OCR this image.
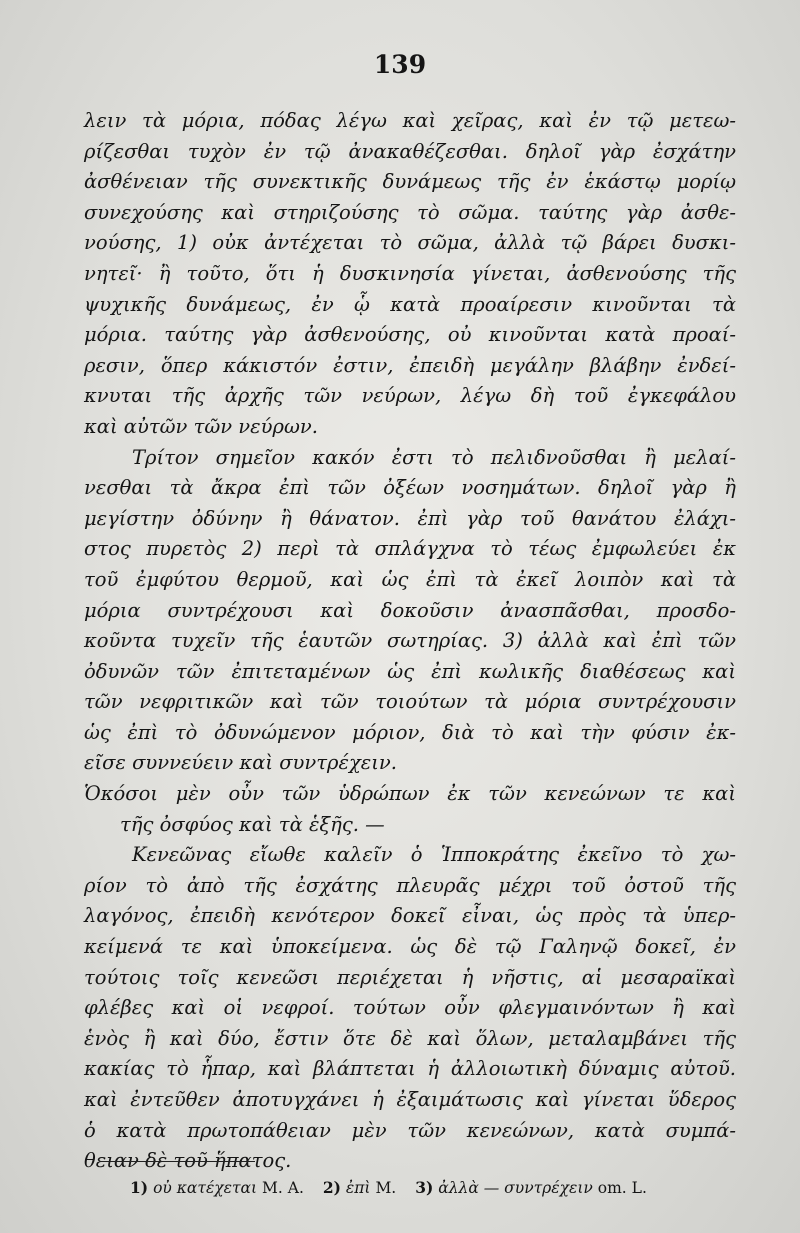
139
λειν τὰ μόρια, πόδας λέγω καὶ χεῖρας, καὶ ἐν τῷ μετεω-
ρίζεσθαι τυχὸν ἐν τῷ ἀνακαθέζεσθαι. δηλοῖ γὰρ ἐσχάτην
ἀσθένειαν τῆς συνεκτικῆς δυνάμεως τῆς ἐν ἑκάστῳ μορίῳ
συνεχούσης καὶ στηριζούσης τὸ σῶμα. ταύτης γὰρ ἀσθε-
νούσης, 1) οὐκ ἀντέχεται τὸ σῶμα, ἀλλὰ τῷ βάρει δυσκι-
νητεῖ· ἢ τοῦτο, ὅτι ἡ δυσκινησία γίνεται, ἀσθενούσης τῆς
ψυχικῆς δυνάμεως, ἐν ᾧ κατὰ προαίρεσιν κινοῦνται τὰ
μόρια. ταύτης γὰρ ἀσθενούσης, οὐ κινοῦνται κατὰ προαί-
ρεσιν, ὅπερ κάκιστόν ἐστιν, ἐπειδὴ μεγάλην βλάβην ἐνδεί-
κνυται τῆς ἀρχῆς τῶν νεύρων, λέγω δὴ τοῦ ἐγκεφάλου
καὶ αὐτῶν τῶν νεύρων.
Τρίτον σημεῖον κακόν ἐστι τὸ πελιδνοῦσθαι ἢ μελαί-
νεσθαι τὰ ἄκρα ἐπὶ τῶν ὀξέων νοσημάτων. δηλοῖ γὰρ ἢ
μεγίστην ὀδύνην ἢ θάνατον. ἐπὶ γὰρ τοῦ θανάτου ἐλάχι-
στος πυρετὸς 2) περὶ τὰ σπλάγχνα τὸ τέως ἐμφωλεύει ἐκ
τοῦ ἐμφύτου θερμοῦ, καὶ ὡς ἐπὶ τὰ ἐκεῖ λοιπὸν καὶ τὰ
μόρια συντρέχουσι καὶ δοκοῦσιν ἀνασπᾶσθαι, προσδο-
κοῦντα τυχεῖν τῆς ἑαυτῶν σωτηρίας. 3) ἀλλὰ καὶ ἐπὶ τῶν
ὀδυνῶν τῶν ἐπιτεταμένων ὡς ἐπὶ κωλικῆς διαθέσεως καὶ
τῶν νεφριτικῶν καὶ τῶν τοιούτων τὰ μόρια συντρέχουσιν
ὡς ἐπὶ τὸ ὀδυνώμενον μόριον, διὰ τὸ καὶ τὴν φύσιν ἐκ-
εῖσε συννεύειν καὶ συντρέχειν.
Ὁκόσοι μὲν οὖν τῶν ὑδρώπων ἐκ τῶν κενεώνων τε καὶ
τῆς ὀσφύος καὶ τὰ ἑξῆς. —
Κενεῶνας εἴωθε καλεῖν ὁ Ἱπποκράτης ἐκεῖνο τὸ χω-
ρίον τὸ ἀπὸ τῆς ἐσχάτης πλευρᾶς μέχρι τοῦ ὀστοῦ τῆς
λαγόνος, ἐπειδὴ κενότερον δοκεῖ εἶναι, ὡς πρὸς τὰ ὑπερ-
κείμενά τε καὶ ὑποκείμενα. ὡς δὲ τῷ Γαληνῷ δοκεῖ, ἐν
τούτοις τοῖς κενεῶσι περιέχεται ἡ νῆστις, αἱ μεσαραϊκαὶ
φλέβες καὶ οἱ νεφροί. τούτων οὖν φλεγμαινόντων ἢ καὶ
ἑνὸς ἢ καὶ δύο, ἔστιν ὅτε δὲ καὶ ὅλων, μεταλαμβάνει τῆς
κακίας τὸ ἧπαρ, καὶ βλάπτεται ἡ ἀλλοιωτικὴ δύναμις αὐτοῦ.
καὶ ἐντεῦθεν ἀποτυγχάνει ἡ ἐξαιμάτωσις καὶ γίνεται ὕδερος
ὁ κατὰ πρωτοπάθειαν μὲν τῶν κενεώνων, κατὰ συμπά-
θειαν δὲ τοῦ ἥπατος.
1) οὐ κατέχεται M. A. 2) ἐπὶ M. 3) ἀλλὰ — συντρέχειν om. L.
